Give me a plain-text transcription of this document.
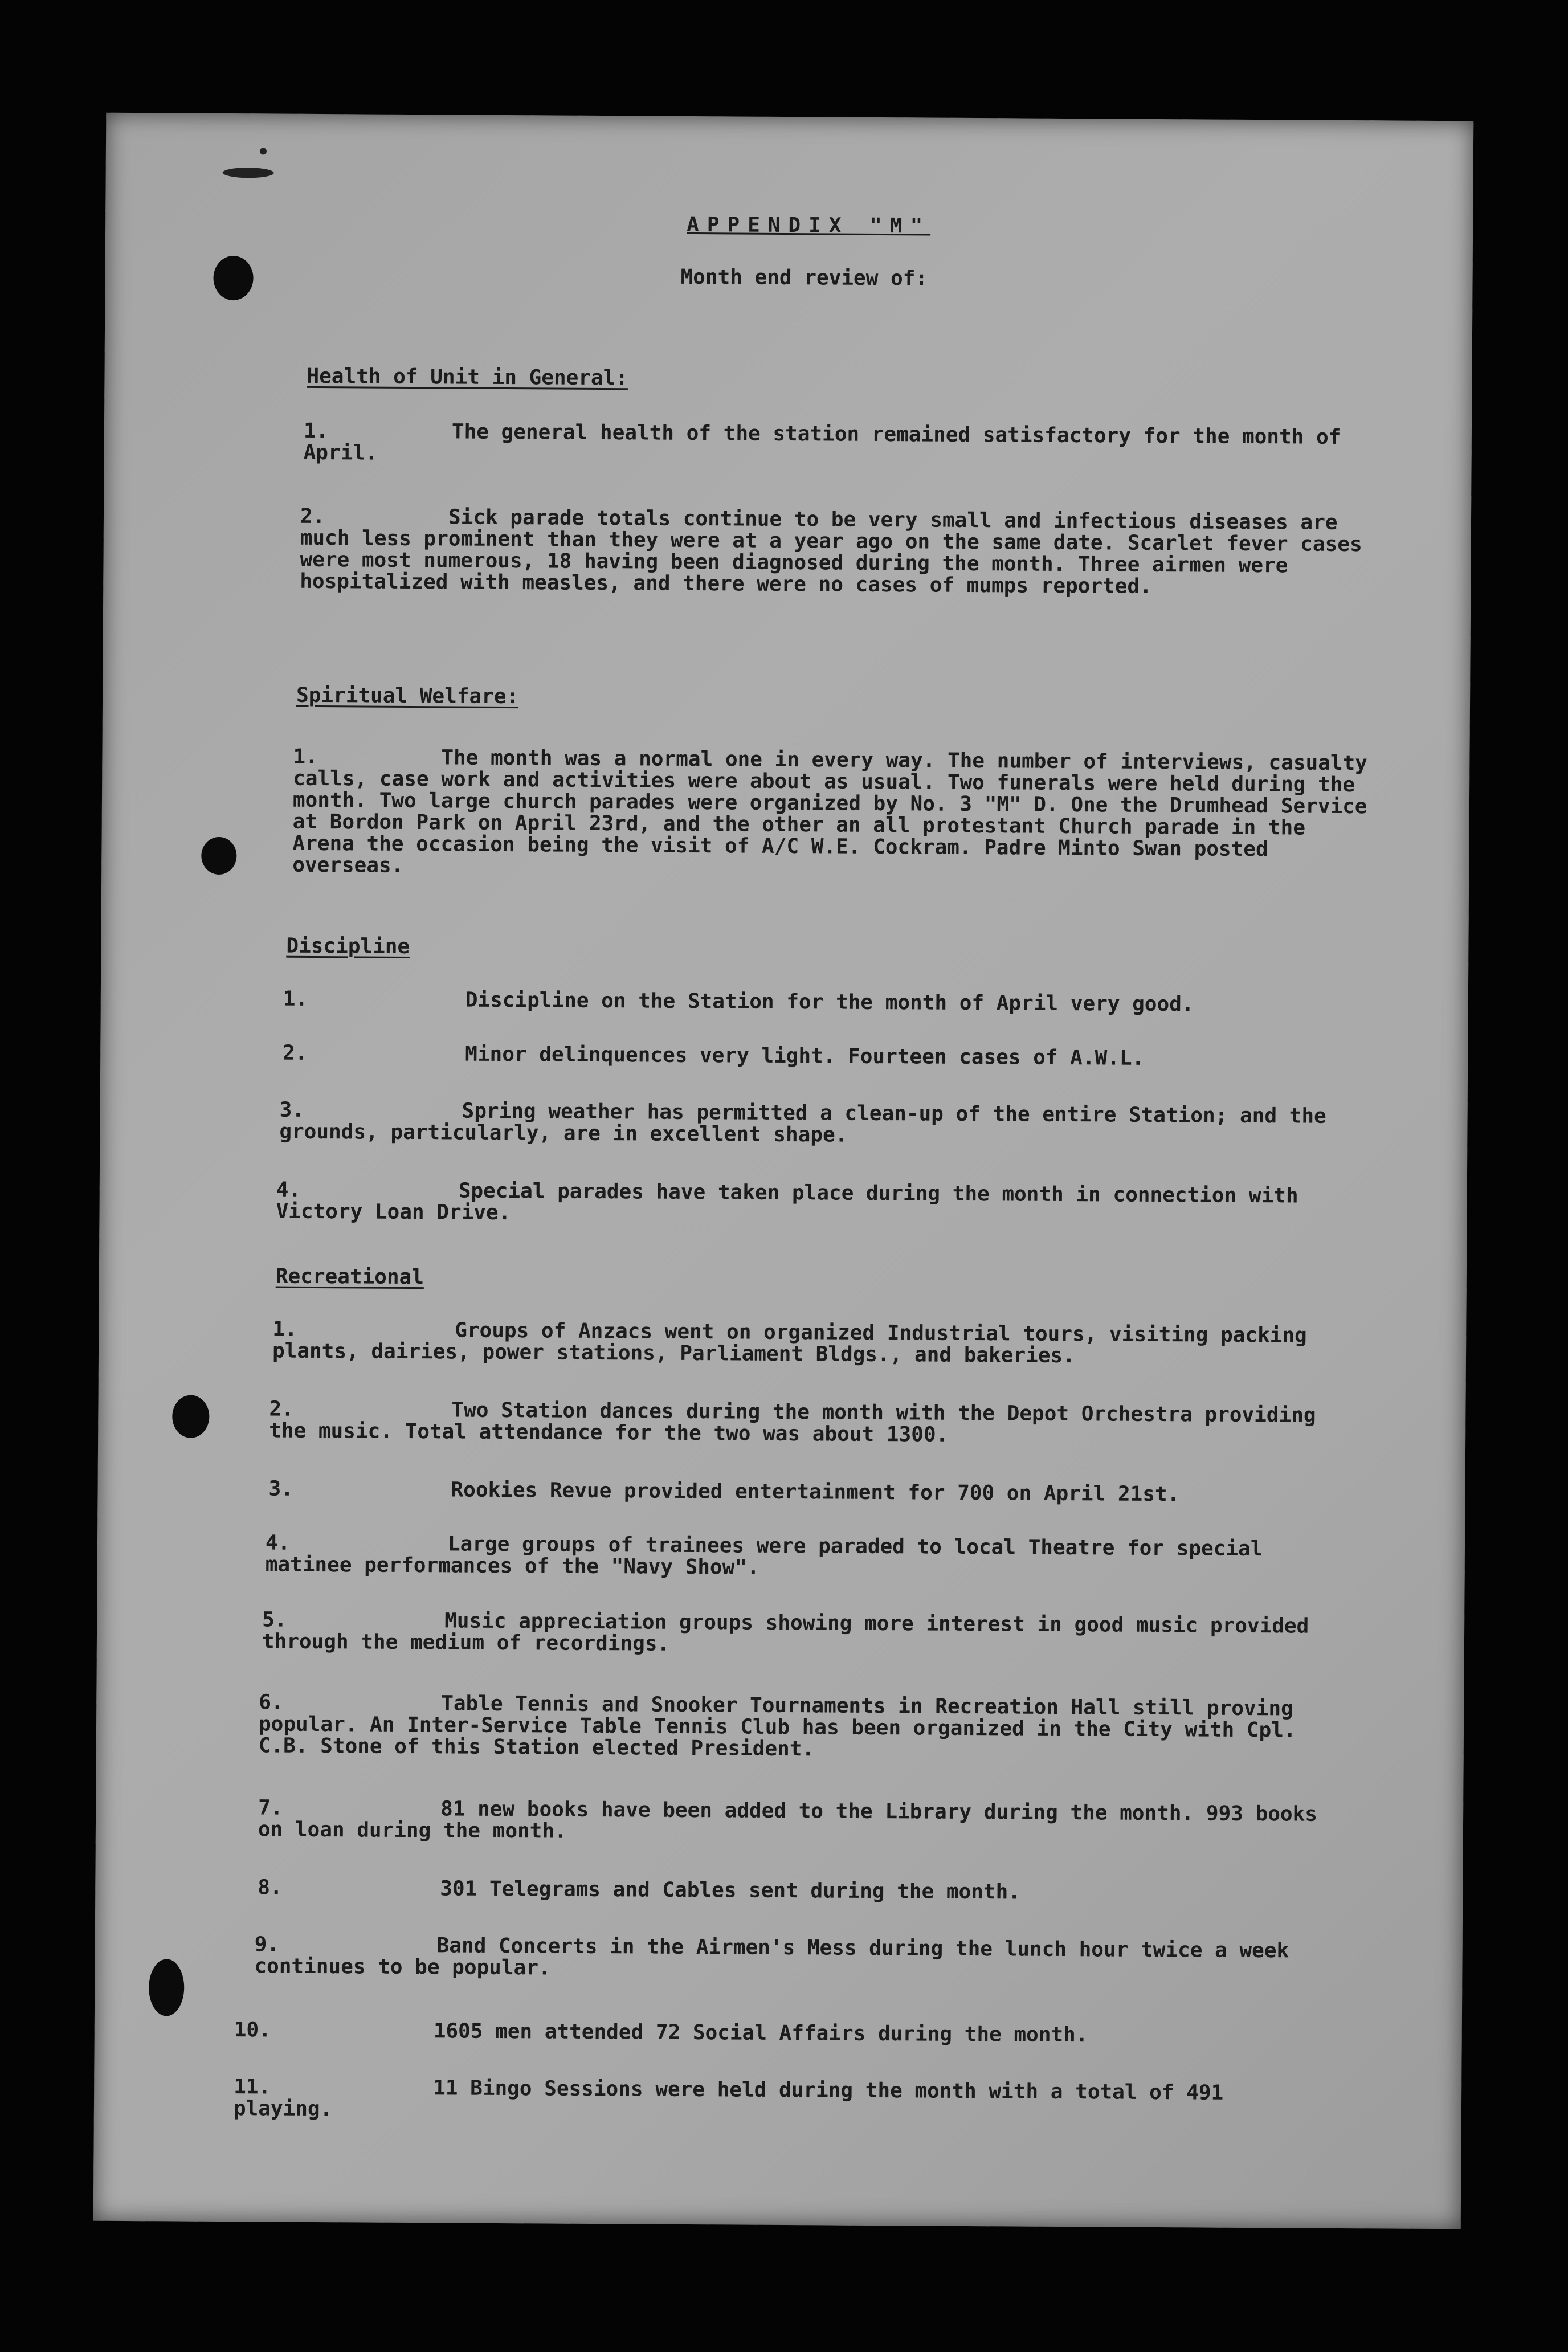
APPENDIX "M"
Month end review of:
Health of Unit in General:
1.	The general health of the station remained satisfactory for the month of April.
2.	Sick parade totals continue to be very small and infectious diseases are much less prominent than they were at a year ago on the same date. Scarlet fever cases were most numerous, 18 having been diagnosed during the month. Three airmen were hospitalized with measles, and there were no cases of mumps reported.
Spiritual Welfare:
1.	The month was a normal one in every way. The number of interviews, casualty calls, case work and activities were about as usual. Two funerals were held during the month. Two large church parades were organized by No. 3 "M" D. One the Drumhead Service at Bordon Park on April 23rd, and the other an all protestant Church parade in the Arena the occasion being the visit of A/C W.E. Cockram. Padre Minto Swan posted overseas.
Discipline
1.	Discipline on the Station for the month of April very good.
2.	Minor delinquences very light. Fourteen cases of A.W.L.
3.	Spring weather has permitted a clean-up of the entire Station; and the grounds, particularly, are in excellent shape.
4.	Special parades have taken place during the month in connection with Victory Loan Drive.
Recreational
1.	Groups of Anzacs went on organized Industrial tours, visiting packing plants, dairies, power stations, Parliament Bldgs., and bakeries.
2.	Two Station dances during the month with the Depot Orchestra providing the music. Total attendance for the two was about 1300.
3.	Rookies Revue provided entertainment for 700 on April 21st.
4.	Large groups of trainees were paraded to local Theatre for special matinee performances of the "Navy Show".
5.	Music appreciation groups showing more interest in good music provided through the medium of recordings.
6.	Table Tennis and Snooker Tournaments in Recreation Hall still proving popular. An Inter-Service Table Tennis Club has been organized in the City with Cpl. C.B. Stone of this Station elected President.
7.	81 new books have been added to the Library during the month. 993 books on loan during the month.
8.	301 Telegrams and Cables sent during the month.
9.	Band Concerts in the Airmen's Mess during the lunch hour twice a week continues to be popular.
10.	1605 men attended 72 Social Affairs during the month.
11.	11 Bingo Sessions were held during the month with a total of 491 playing.
